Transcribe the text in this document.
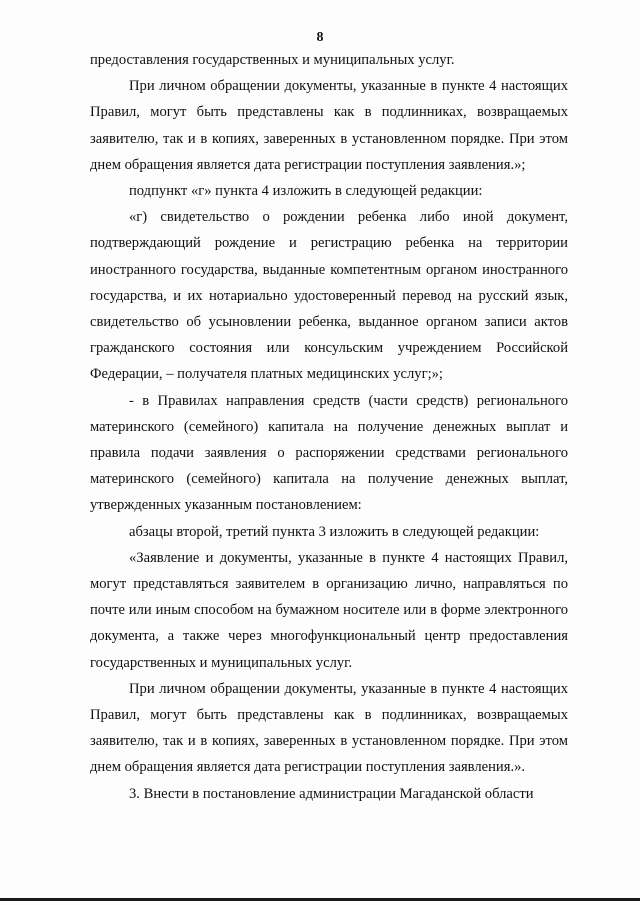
8

предоставления государственных и муниципальных услуг.

При личном обращении документы, указанные в пункте 4 настоящих Правил, могут быть представлены как в подлинниках, возвращаемых заявителю, так и в копиях, заверенных в установленном порядке. При этом днем обращения является дата регистрации поступления заявления.»;

подпункт «г» пункта 4 изложить в следующей редакции:

«г) свидетельство о рождении ребенка либо иной документ, подтверждающий рождение и регистрацию ребенка на территории иностранного государства, выданные компетентным органом иностранного государства, и их нотариально удостоверенный перевод на русский язык, свидетельство об усыновлении ребенка, выданное органом записи актов гражданского состояния или консульским учреждением Российской Федерации, – получателя платных медицинских услуг;»;

- в Правилах направления средств (части средств) регионального материнского (семейного) капитала на получение денежных выплат и правила подачи заявления о распоряжении средствами регионального материнского (семейного) капитала на получение денежных выплат, утвержденных указанным постановлением:

абзацы второй, третий пункта 3 изложить в следующей редакции:

«Заявление и документы, указанные в пункте 4 настоящих Правил, могут представляться заявителем в организацию лично, направляться по почте или иным способом на бумажном носителе или в форме электронного документа, а также через многофункциональный центр предоставления государственных и муниципальных услуг.

При личном обращении документы, указанные в пункте 4 настоящих Правил, могут быть представлены как в подлинниках, возвращаемых заявителю, так и в копиях, заверенных в установленном порядке. При этом днем обращения является дата регистрации поступления заявления.».

3. Внести в постановление администрации Магаданской области
